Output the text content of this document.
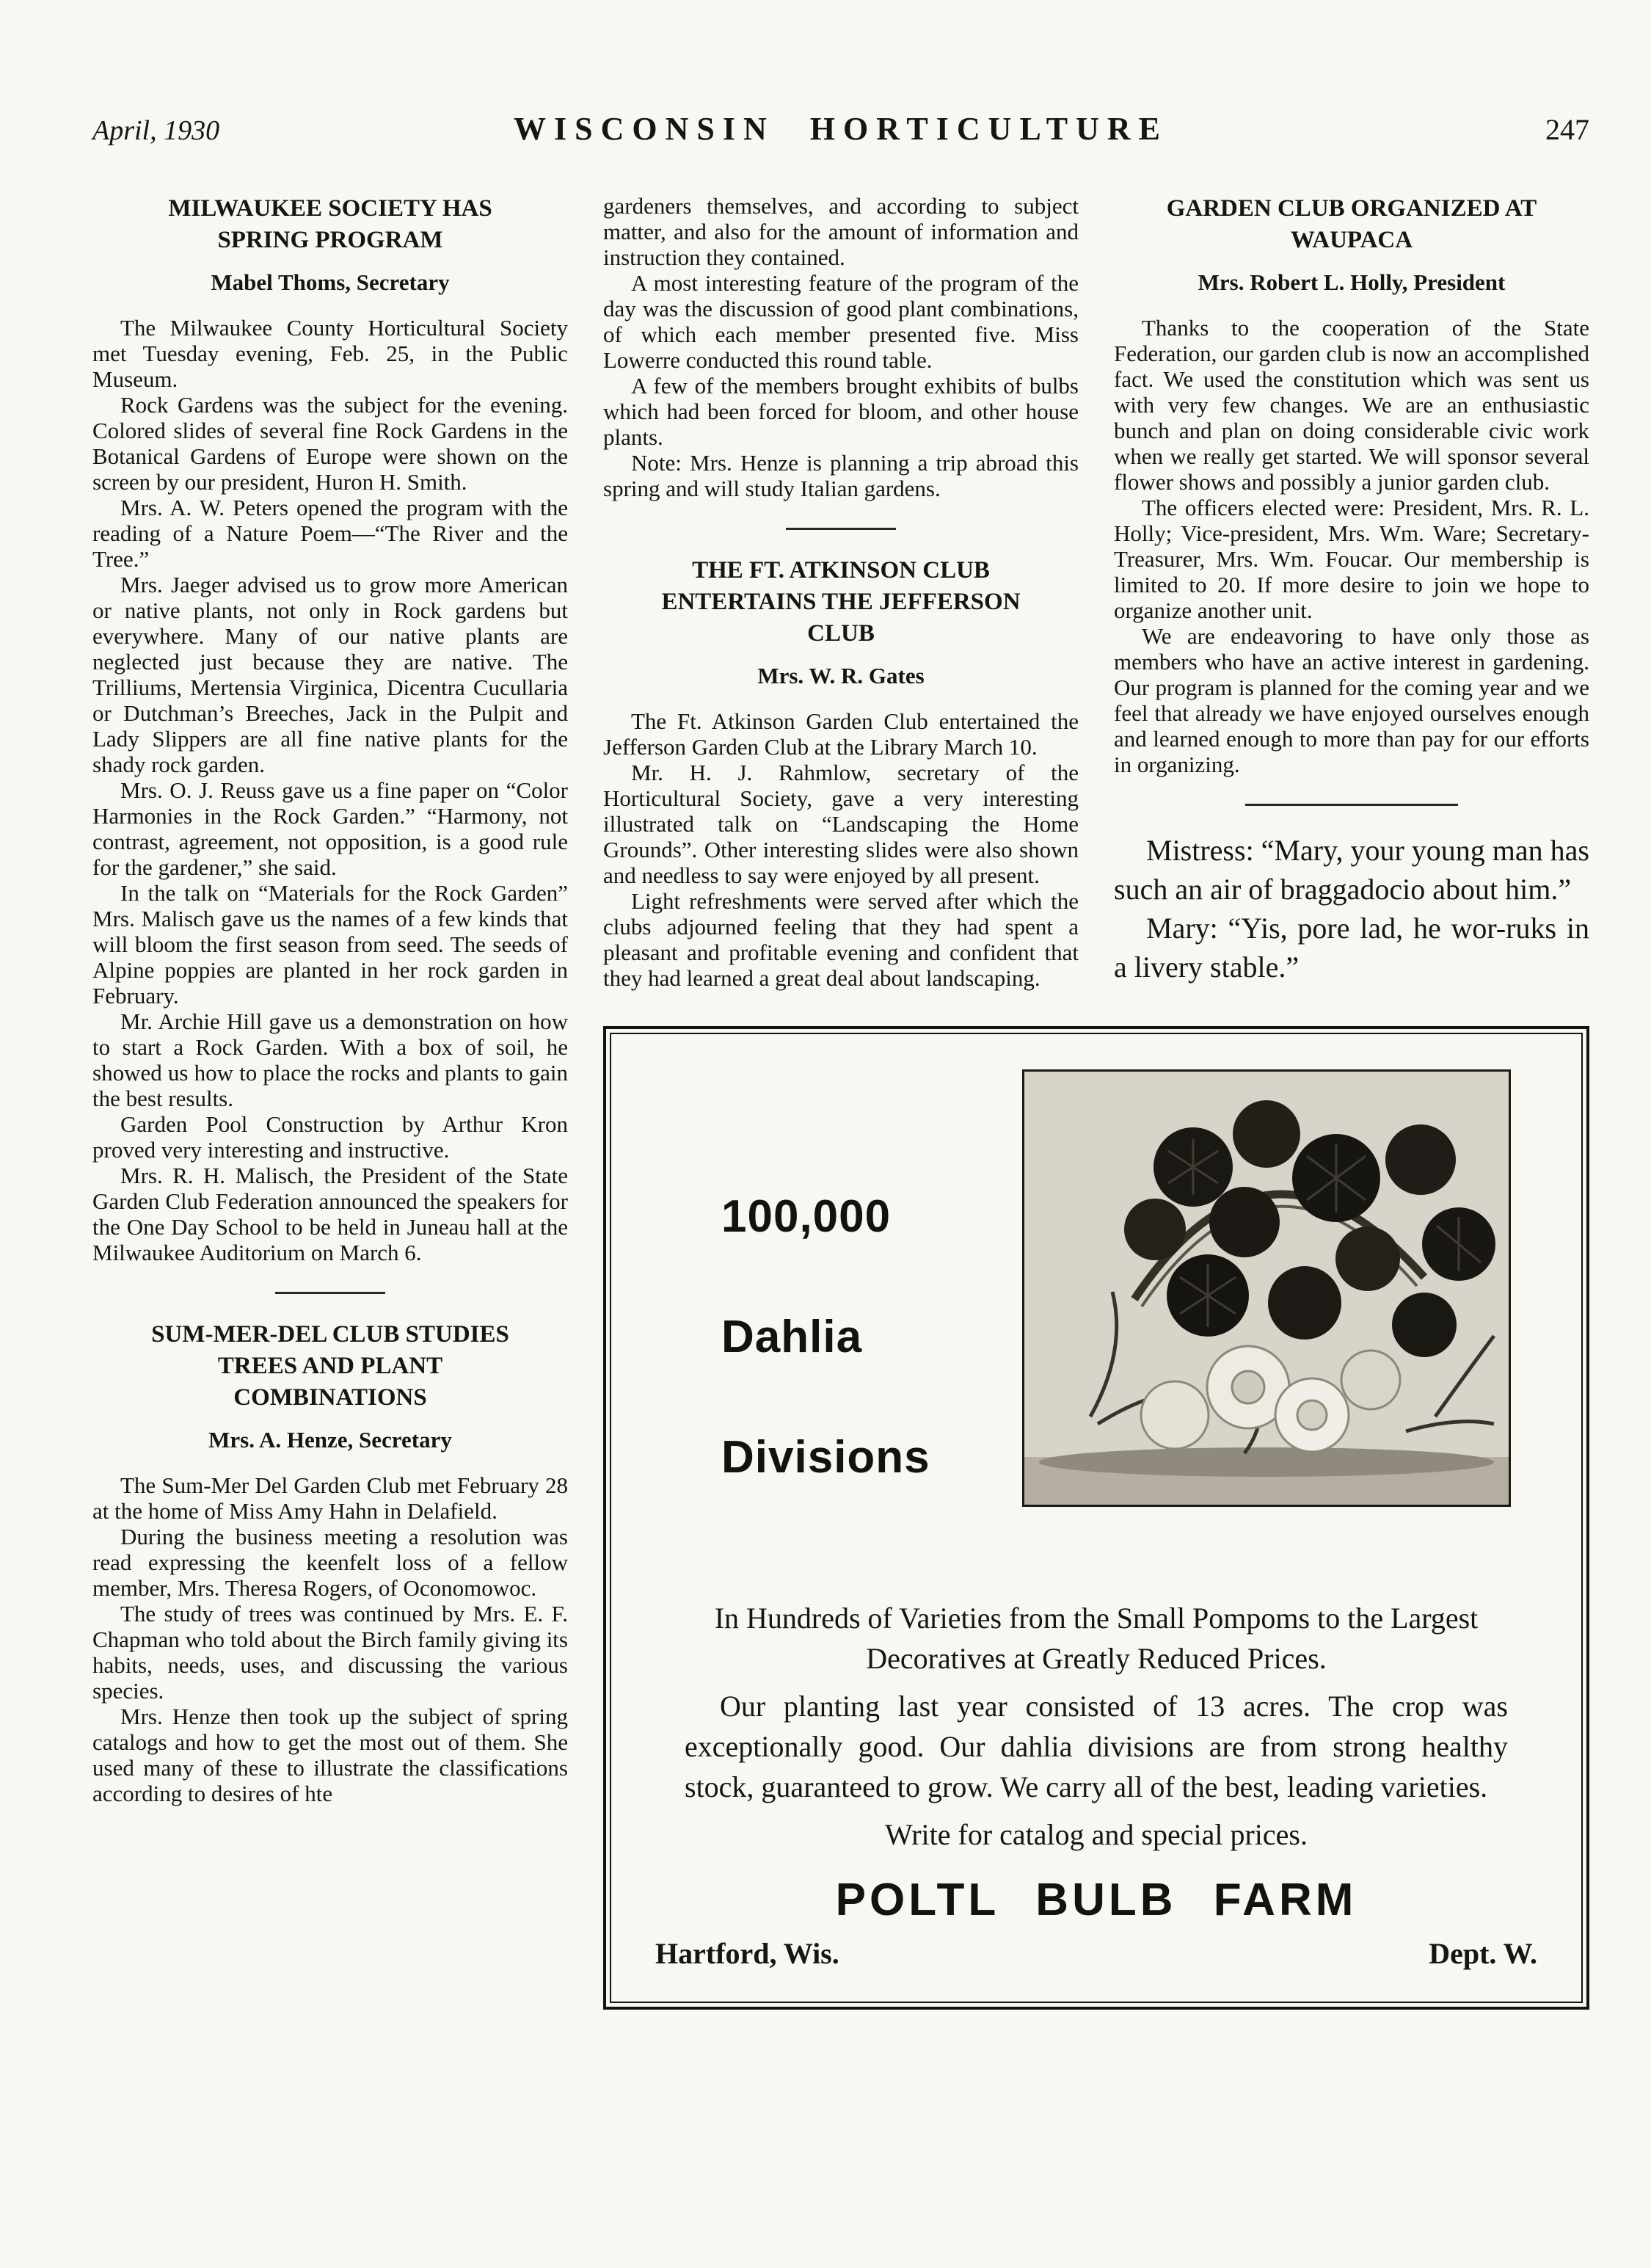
April, 1930	WISCONSIN HORTICULTURE	247
MILWAUKEE SOCIETY HAS SPRING PROGRAM
Mabel Thoms, Secretary

The Milwaukee County Horticultural Society met Tuesday evening, Feb. 25, in the Public Museum.

Rock Gardens was the subject for the evening. Colored slides of several fine Rock Gardens in the Botanical Gardens of Europe were shown on the screen by our president, Huron H. Smith.

Mrs. A. W. Peters opened the program with the reading of a Nature Poem—“The River and the Tree.”

Mrs. Jaeger advised us to grow more American or native plants, not only in Rock gardens but everywhere. Many of our native plants are neglected just because they are native. The Trilliums, Mertensia Virginica, Dicentra Cucullaria or Dutchman’s Breeches, Jack in the Pulpit and Lady Slippers are all fine native plants for the shady rock garden.

Mrs. O. J. Reuss gave us a fine paper on “Color Harmonies in the Rock Garden.” “Harmony, not contrast, agreement, not opposition, is a good rule for the gardener,” she said.

In the talk on “Materials for the Rock Garden” Mrs. Malisch gave us the names of a few kinds that will bloom the first season from seed. The seeds of Alpine poppies are planted in her rock garden in February.

Mr. Archie Hill gave us a demonstration on how to start a Rock Garden. With a box of soil, he showed us how to place the rocks and plants to gain the best results.

Garden Pool Construction by Arthur Kron proved very interesting and instructive.

Mrs. R. H. Malisch, the President of the State Garden Club Federation announced the speakers for the One Day School to be held in Juneau hall at the Milwaukee Auditorium on March 6.

SUM-MER-DEL CLUB STUDIES TREES AND PLANT COMBINATIONS
Mrs. A. Henze, Secretary

The Sum-Mer Del Garden Club met February 28 at the home of Miss Amy Hahn in Delafield.

During the business meeting a resolution was read expressing the keenfelt loss of a fellow member, Mrs. Theresa Rogers, of Oconomowoc.

The study of trees was continued by Mrs. E. F. Chapman who told about the Birch family giving its habits, needs, uses, and discussing the various species.

Mrs. Henze then took up the subject of spring catalogs and how to get the most out of them. She used many of these to illustrate the classifications according to desires of hte

gardeners themselves, and according to subject matter, and also for the amount of information and instruction they contained.

A most interesting feature of the program of the day was the discussion of good plant combinations, of which each member presented five. Miss Lowerre conducted this round table.

A few of the members brought exhibits of bulbs which had been forced for bloom, and other house plants.

Note: Mrs. Henze is planning a trip abroad this spring and will study Italian gardens.

THE FT. ATKINSON CLUB ENTERTAINS THE JEFFERSON CLUB
Mrs. W. R. Gates

The Ft. Atkinson Garden Club entertained the Jefferson Garden Club at the Library March 10.

Mr. H. J. Rahmlow, secretary of the Horticultural Society, gave a very interesting illustrated talk on “Landscaping the Home Grounds”. Other interesting slides were also shown and needless to say were enjoyed by all present.

Light refreshments were served after which the clubs adjourned feeling that they had spent a pleasant and profitable evening and confident that they had learned a great deal about landscaping.

GARDEN CLUB ORGANIZED AT WAUPACA
Mrs. Robert L. Holly, President

Thanks to the cooperation of the State Federation, our garden club is now an accomplished fact. We used the constitution which was sent us with very few changes. We are an enthusiastic bunch and plan on doing considerable civic work when we really get started. We will sponsor several flower shows and possibly a junior garden club.

The officers elected were: President, Mrs. R. L. Holly; Vice-president, Mrs. Wm. Ware; Secretary-Treasurer, Mrs. Wm. Foucar. Our membership is limited to 20. If more desire to join we hope to organize another unit.

We are endeavoring to have only those as members who have an active interest in gardening. Our program is planned for the coming year and we feel that already we have enjoyed ourselves enough and learned enough to more than pay for our efforts in organizing.

Mistress: “Mary, your young man has such an air of braggadocio about him.”

Mary: “Yis, pore lad, he wor-ruks in a livery stable.”

100,000
Dahlia
Divisions

In Hundreds of Varieties from the Small Pompoms to the Largest Decoratives at Greatly Reduced Prices.

Our planting last year consisted of 13 acres. The crop was exceptionally good. Our dahlia divisions are from strong healthy stock, guaranteed to grow. We carry all of the best, leading varieties.

Write for catalog and special prices.

POLTL BULB FARM
Hartford, Wis.	Dept. W.
